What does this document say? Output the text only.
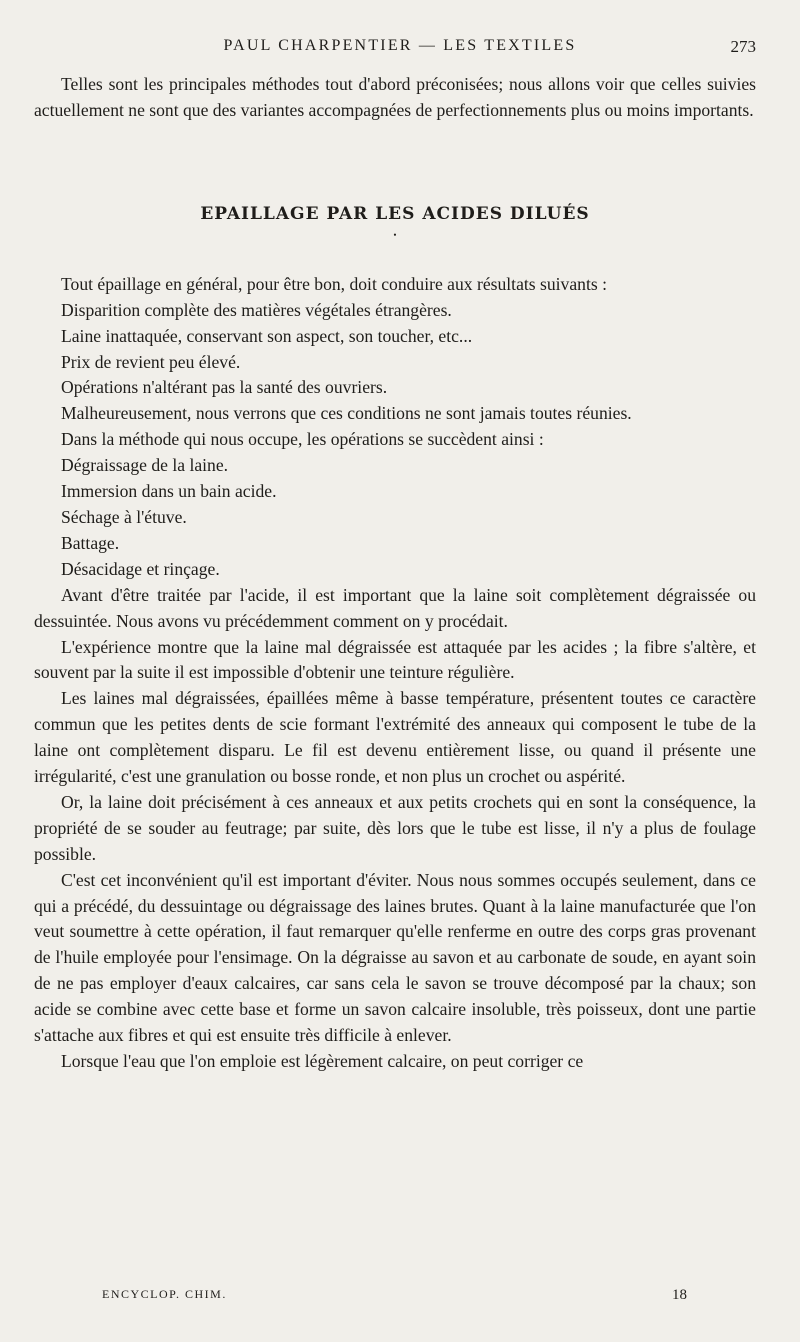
PAUL CHARPENTIER — LES TEXTILES	273

Telles sont les principales méthodes tout d'abord préconisées; nous allons voir que celles suivies actuellement ne sont que des variantes accompagnées de perfectionnements plus ou moins importants.

EPAILLAGE PAR LES ACIDES DILUÉS
•

Tout épaillage en général, pour être bon, doit conduire aux résultats suivants :

Disparition complète des matières végétales étrangères.

Laine inattaquée, conservant son aspect, son toucher, etc...

Prix de revient peu élevé.

Opérations n'altérant pas la santé des ouvriers.

Malheureusement, nous verrons que ces conditions ne sont jamais toutes réunies.

Dans la méthode qui nous occupe, les opérations se succèdent ainsi :

Dégraissage de la laine.

Immersion dans un bain acide.

Séchage à l'étuve.

Battage.

Désacidage et rinçage.

Avant d'être traitée par l'acide, il est important que la laine soit complètement dégraissée ou dessuintée. Nous avons vu précédemment comment on y procédait.

L'expérience montre que la laine mal dégraissée est attaquée par les acides ; la fibre s'altère, et souvent par la suite il est impossible d'obtenir une teinture régulière.

Les laines mal dégraissées, épaillées même à basse température, présentent toutes ce caractère commun que les petites dents de scie formant l'extrémité des anneaux qui composent le tube de la laine ont complètement disparu. Le fil est devenu entièrement lisse, ou quand il présente une irrégularité, c'est une granulation ou bosse ronde, et non plus un crochet ou aspérité.

Or, la laine doit précisément à ces anneaux et aux petits crochets qui en sont la conséquence, la propriété de se souder au feutrage; par suite, dès lors que le tube est lisse, il n'y a plus de foulage possible.

C'est cet inconvénient qu'il est important d'éviter. Nous nous sommes occupés seulement, dans ce qui a précédé, du dessuintage ou dégraissage des laines brutes. Quant à la laine manufacturée que l'on veut soumettre à cette opération, il faut remarquer qu'elle renferme en outre des corps gras provenant de l'huile employée pour l'ensimage. On la dégraisse au savon et au carbonate de soude, en ayant soin de ne pas employer d'eaux calcaires, car sans cela le savon se trouve décomposé par la chaux; son acide se combine avec cette base et forme un savon calcaire insoluble, très poisseux, dont une partie s'attache aux fibres et qui est ensuite très difficile à enlever.

Lorsque l'eau que l'on emploie est légèrement calcaire, on peut corriger ce

ENCYCLOP. CHIM.	18
